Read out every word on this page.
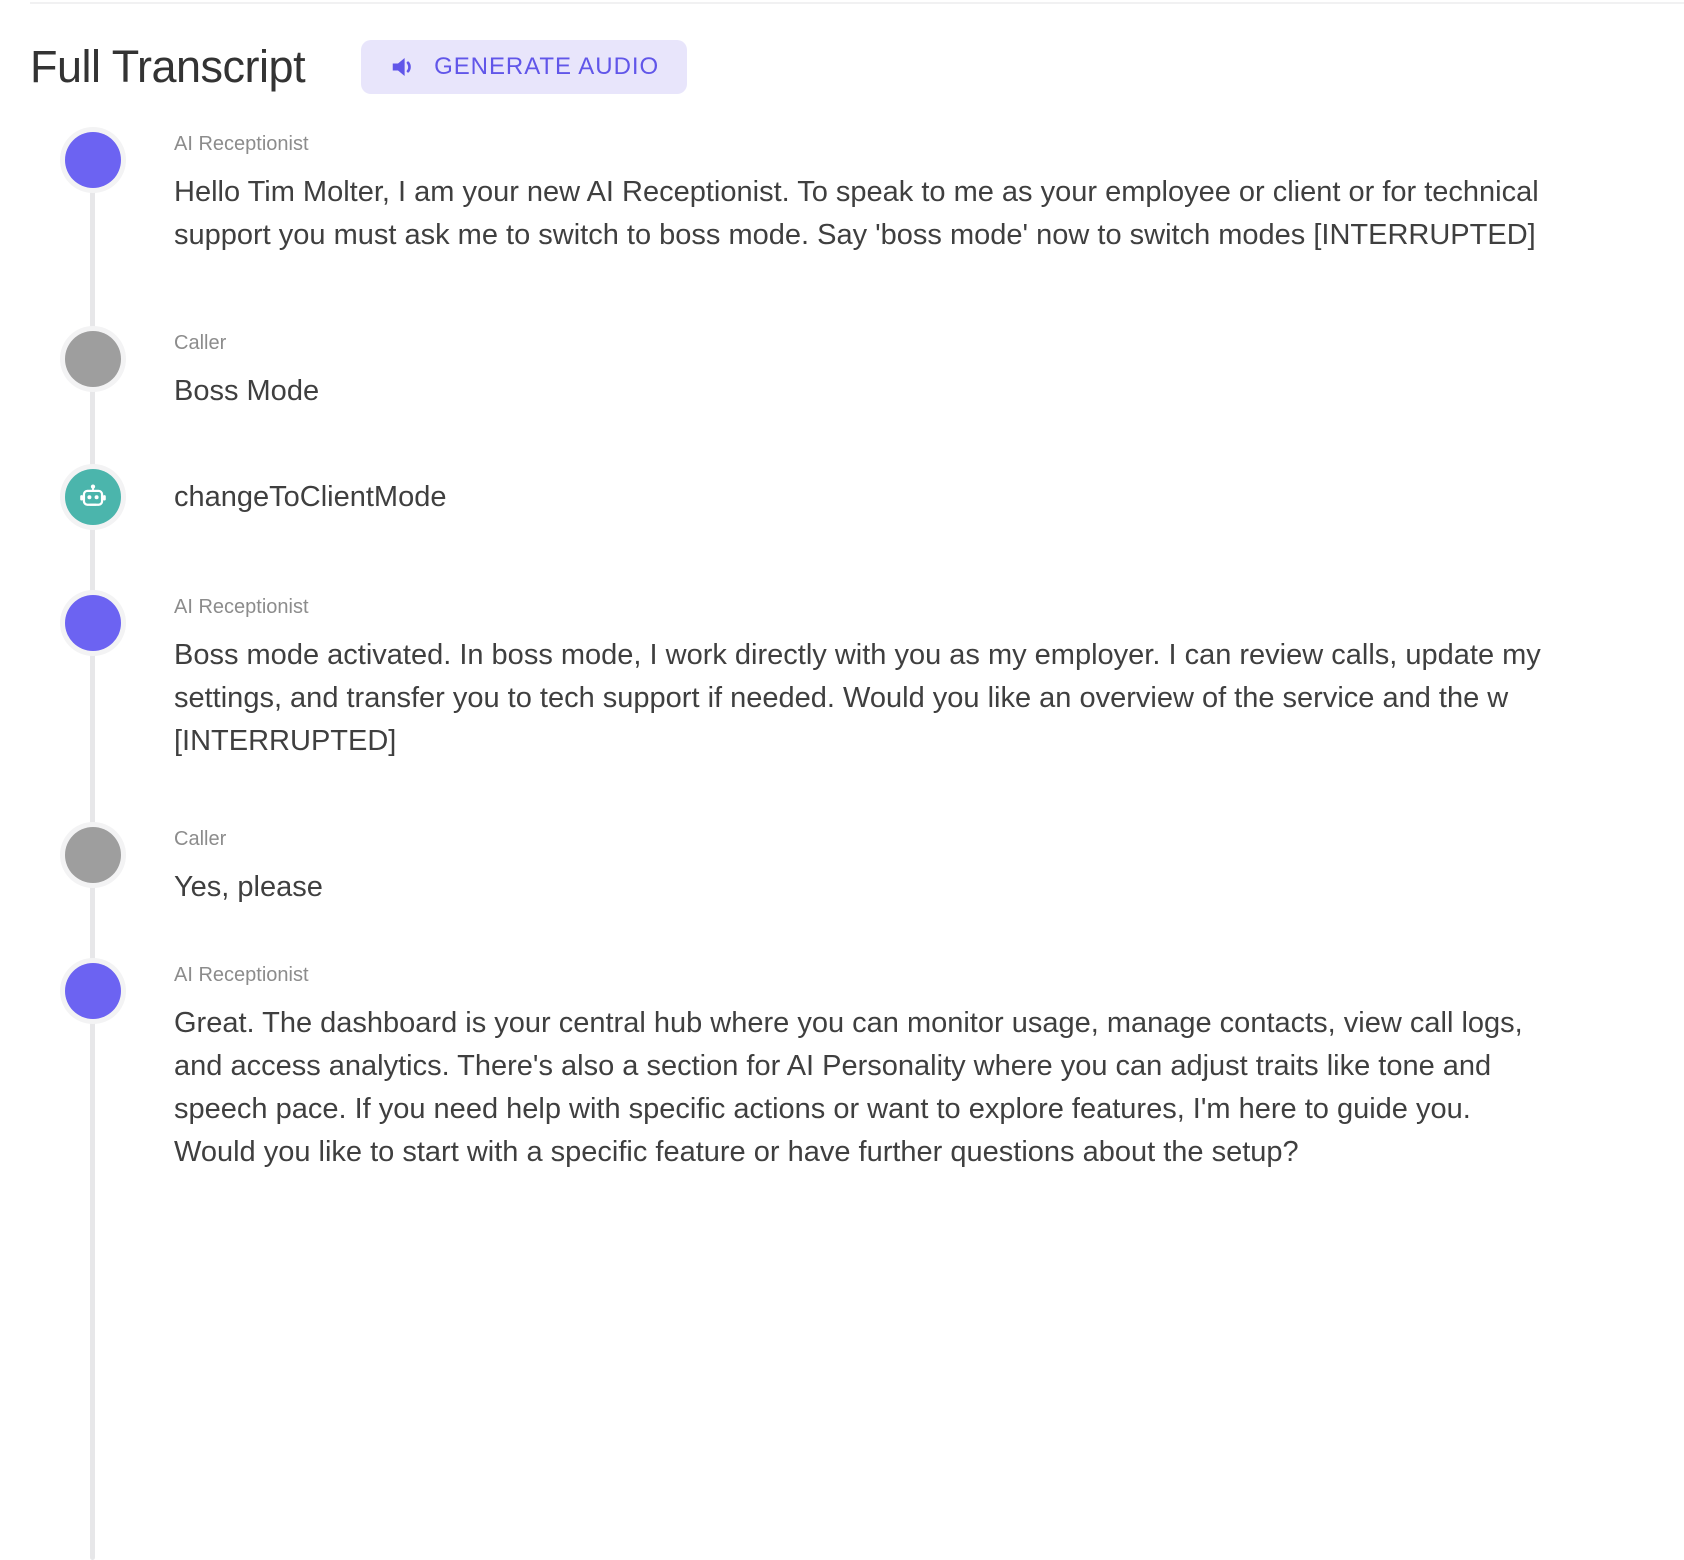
Full Transcript	GENERATE AUDIO
AI Receptionist
Hello Tim Molter, I am your new AI Receptionist. To speak to me as your employee or client or for technical support you must ask me to switch to boss mode. Say 'boss mode' now to switch modes [INTERRUPTED]
Caller
Boss Mode
changeToClientMode
AI Receptionist
Boss mode activated. In boss mode, I work directly with you as my employer. I can review calls, update my settings, and transfer you to tech support if needed. Would you like an overview of the service and the w [INTERRUPTED]
Caller
Yes, please
AI Receptionist
Great. The dashboard is your central hub where you can monitor usage, manage contacts, view call logs, and access analytics. There's also a section for AI Personality where you can adjust traits like tone and speech pace. If you need help with specific actions or want to explore features, I'm here to guide you. Would you like to start with a specific feature or have further questions about the setup?
